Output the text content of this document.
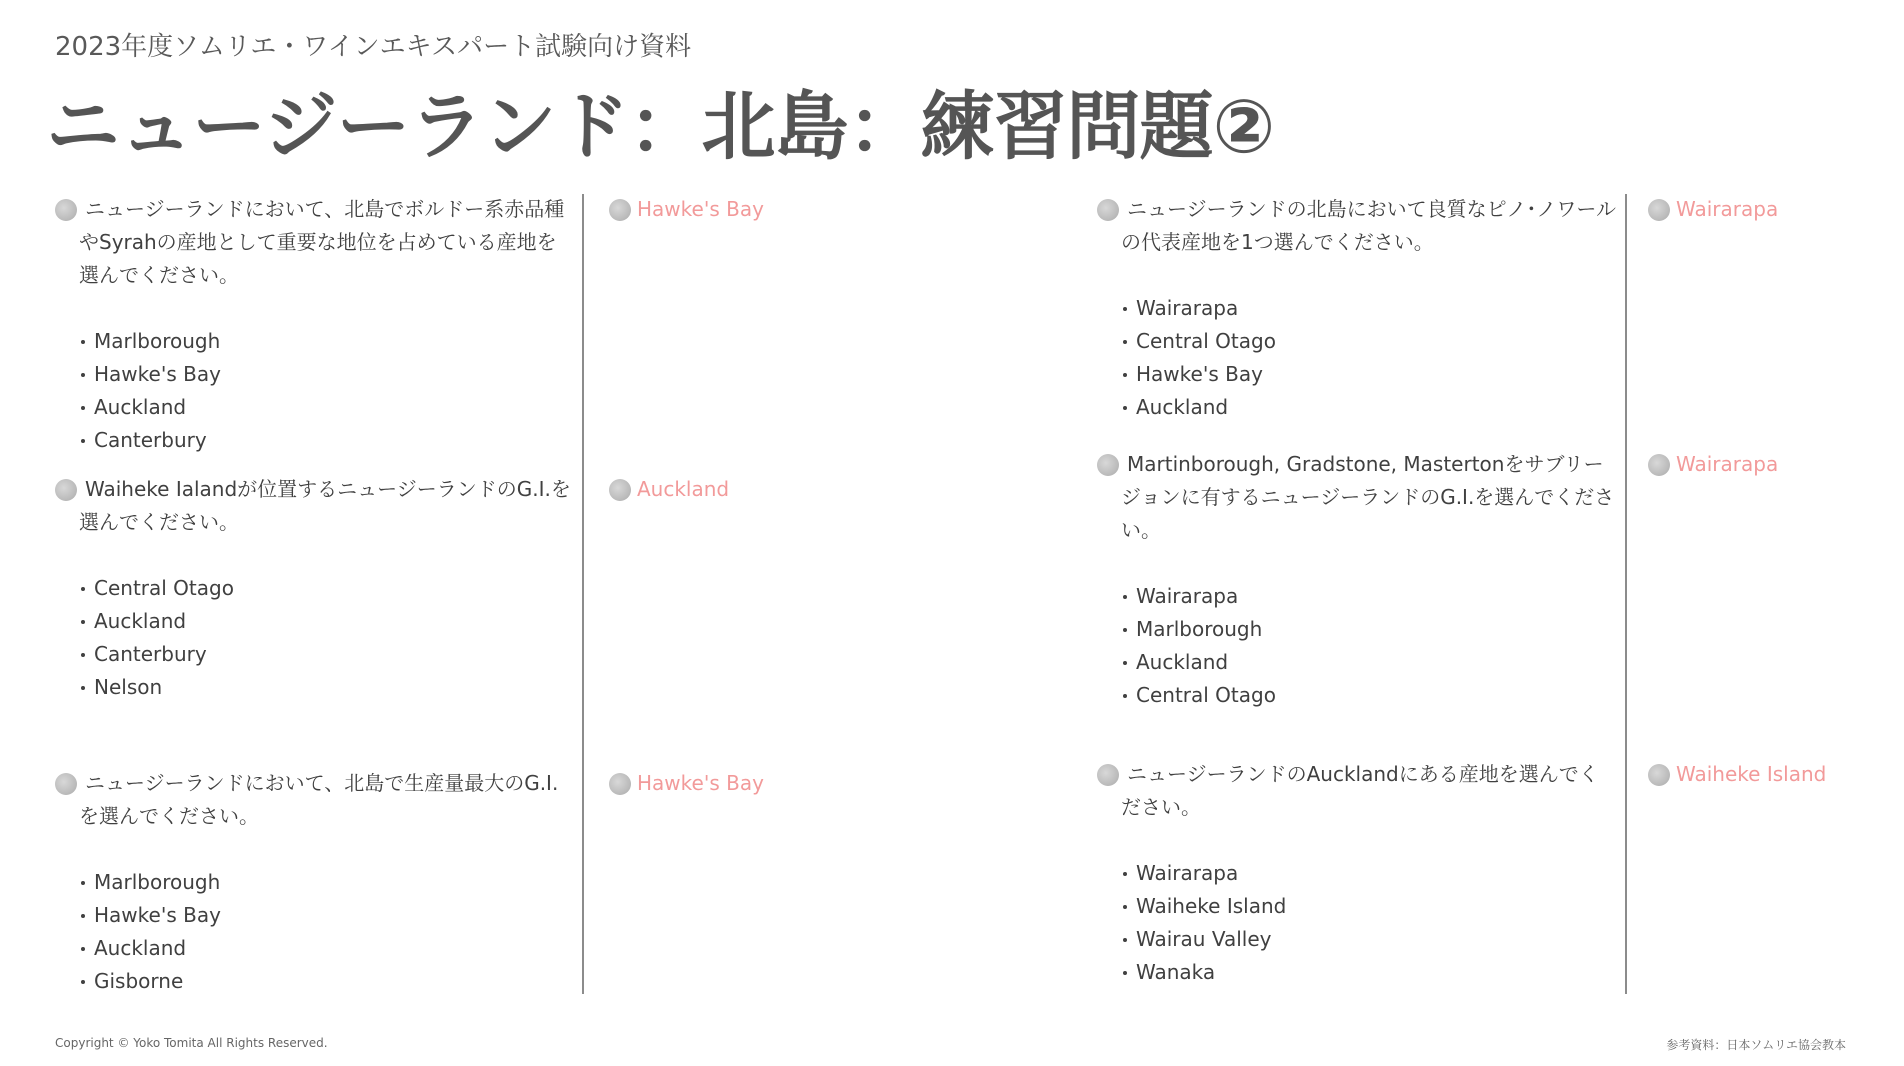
2023年度ソムリエ・ワインエキスパート試験向け資料
ニュージーランド：北島：練習問題②
ニュージーランドにおいて、北島でボルドー系赤品種やSyrahの産地として重要な地位を占めている産地を選んでください。
Marlborough
Hawke's Bay
Auckland
Canterbury
Hawke's Bay
Waiheke Ialandが位置するニュージーランドのG.I.を選んでください。
Central Otago
Auckland
Canterbury
Nelson
Auckland
ニュージーランドにおいて、北島で生産量最大のG.I.を選んでください。
Marlborough
Hawke's Bay
Auckland
Gisborne
Hawke's Bay
ニュージーランドの北島において良質なピノ･ノワールの代表産地を1つ選んでください。
Wairarapa
Central Otago
Hawke's Bay
Auckland
Wairarapa
Martinborough, Gradstone, Mastertonをサブリージョンに有するニュージーランドのG.I.を選んでください。
Wairarapa
Marlborough
Auckland
Central Otago
Wairarapa
ニュージーランドのAucklandにある産地を選んでください。
Wairarapa
Waiheke Island
Wairau Valley
Wanaka
Waiheke Island
Copyright © Yoko Tomita All Rights Reserved.	参考資料：日本ソムリエ協会教本
